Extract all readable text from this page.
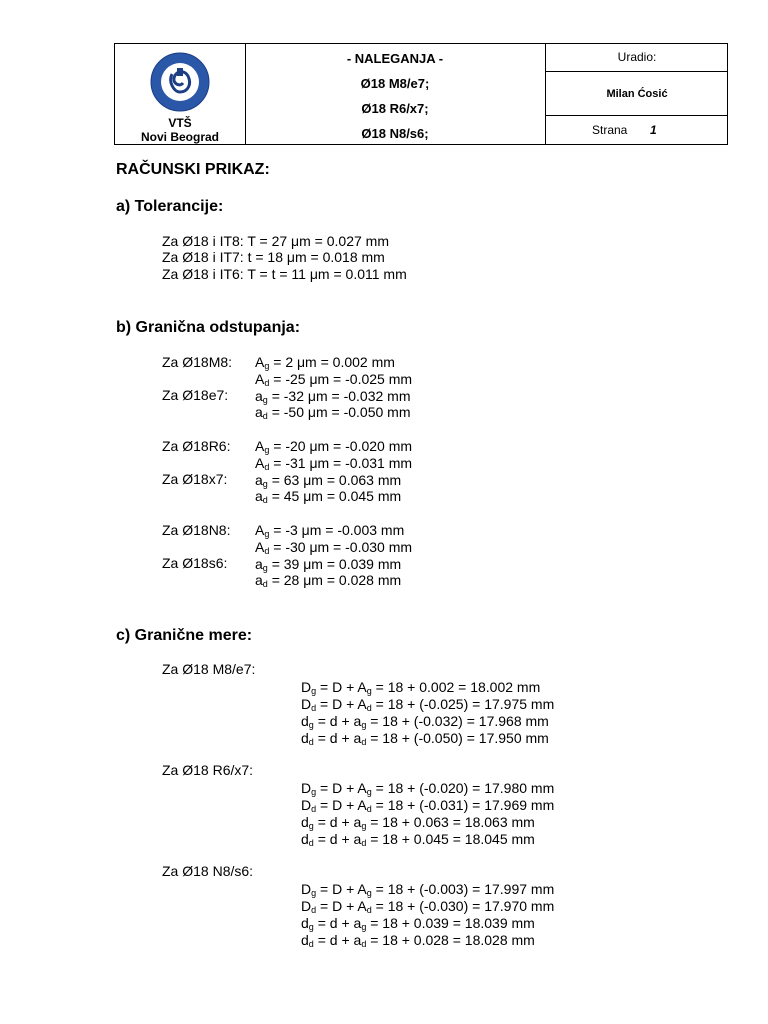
VTŠ
Novi Beograd
- NALEGANJA -
Ø18 M8/e7;
Ø18 R6/x7;
Ø18 N8/s6;
Uradio:
Milan Ćosić
Strana 1
RAČUNSKI PRIKAZ:
a) Tolerancije:
Za Ø18 i IT8: T = 27 μm = 0.027 mm
Za Ø18 i IT7: t = 18 μm = 0.018 mm
Za Ø18 i IT6: T = t = 11 μm = 0.011 mm
b) Granična odstupanja:
Za Ø18M8:
Za Ø18e7:
$A_g = 2$ μm = 0.002 mm
$A_d = -25$ μm = -0.025 mm
$a_g = -32$ μm = -0.032 mm
$a_d = -50$ μm = -0.050 mm
Za Ø18R6:
Za Ø18x7:
$A_g = -20$ μm = -0.020 mm
$A_d = -31$ μm = -0.031 mm
$a_g = 63$ μm = 0.063 mm
$a_d = 45$ μm = 0.045 mm
Za Ø18N8:
Za Ø18s6:
$A_g = -3$ μm = -0.003 mm
$A_d = -30$ μm = -0.030 mm
$a_g = 39$ μm = 0.039 mm
$a_d = 28$ μm = 0.028 mm
c) Granične mere:
Za Ø18 M8/e7:
$D_g = D + A_g = 18 + 0.002 = 18.002$ mm
$D_d = D + A_d = 18 + (-0.025) = 17.975$ mm
$d_g = d + a_g = 18 + (-0.032) = 17.968$ mm
$d_d = d + a_d = 18 + (-0.050) = 17.950$ mm
Za Ø18 R6/x7:
$D_g = D + A_g = 18 + (-0.020) = 17.980$ mm
$D_d = D + A_d = 18 + (-0.031) = 17.969$ mm
$d_g = d + a_g = 18 + 0.063 = 18.063$ mm
$d_d = d + a_d = 18 + 0.045 = 18.045$ mm
Za Ø18 N8/s6:
$D_g = D + A_g = 18 + (-0.003) = 17.997$ mm
$D_d = D + A_d = 18 + (-0.030) = 17.970$ mm
$d_g = d + a_g = 18 + 0.039 = 18.039$ mm
$d_d = d + a_d = 18 + 0.028 = 18.028$ mm
